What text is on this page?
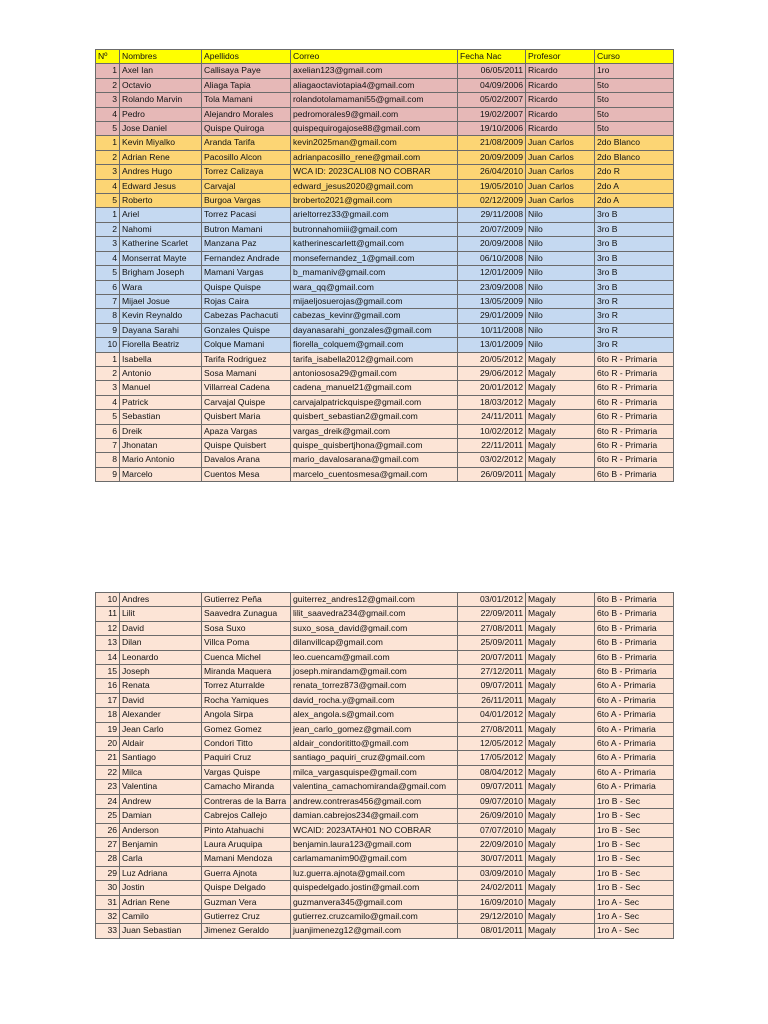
Nº	Nombres	Apellidos	Correo	Fecha Nac	Profesor	Curso
1	Axel Ian	Callisaya Paye	axelian123@gmail.com	06/05/2011	Ricardo	1ro
2	Octavio	Aliaga Tapia	aliagaoctaviotapia4@gmail.com	04/09/2006	Ricardo	5to
3	Rolando Marvin	Tola Mamani	rolandotolamamani55@gmail.com	05/02/2007	Ricardo	5to
4	Pedro	Alejandro Morales	pedromorales9@gmail.com	19/02/2007	Ricardo	5to
5	Jose Daniel	Quispe Quiroga	quispequirogajose88@gmail.com	19/10/2006	Ricardo	5to
1	Kevin Miyalko	Aranda Tarifa	kevin2025man@gmail.com	21/08/2009	Juan Carlos	2do Blanco
2	Adrian Rene	Pacosillo Alcon	adrianpacosillo_rene@gmail.com	20/09/2009	Juan Carlos	2do Blanco
3	Andres Hugo	Torrez Calizaya	WCA ID: 2023CALI08 NO COBRAR	26/04/2010	Juan Carlos	2do R
4	Edward Jesus	Carvajal	edward_jesus2020@gmail.com	19/05/2010	Juan Carlos	2do A
5	Roberto	Burgoa Vargas	broberto2021@gmail.com	02/12/2009	Juan Carlos	2do A
1	Ariel	Torrez Pacasi	arieltorrez33@gmail.com	29/11/2008	Nilo	3ro B
2	Nahomi	Butron Mamani	butronnahomiii@gmail.com	20/07/2009	Nilo	3ro B
3	Katherine Scarlet	Manzana Paz	katherinescarlett@gmail.com	20/09/2008	Nilo	3ro B
4	Monserrat Mayte	Fernandez Andrade	monsefernandez_1@gmail.com	06/10/2008	Nilo	3ro B
5	Brigham Joseph	Mamani Vargas	b_mamaniv@gmail.com	12/01/2009	Nilo	3ro B
6	Wara	Quispe Quispe	wara_qq@gmail.com	23/09/2008	Nilo	3ro B
7	Mijael Josue	Rojas Caira	mijaeljosuerojas@gmail.com	13/05/2009	Nilo	3ro R
8	Kevin Reynaldo	Cabezas Pachacuti	cabezas_kevinr@gmail.com	29/01/2009	Nilo	3ro R
9	Dayana Sarahi	Gonzales Quispe	dayanasarahi_gonzales@gmail.com	10/11/2008	Nilo	3ro R
10	Fiorella Beatriz	Colque Mamani	fiorella_colquem@gmail.com	13/01/2009	Nilo	3ro R
1	Isabella	Tarifa Rodriguez	tarifa_isabella2012@gmail.com	20/05/2012	Magaly	6to R - Primaria
2	Antonio	Sosa Mamani	antoniososa29@gmail.com	29/06/2012	Magaly	6to R - Primaria
3	Manuel	Villarreal Cadena	cadena_manuel21@gmail.com	20/01/2012	Magaly	6to R - Primaria
4	Patrick	Carvajal Quispe	carvajalpatrickquispe@gmail.com	18/03/2012	Magaly	6to R - Primaria
5	Sebastian	Quisbert Maria	quisbert_sebastian2@gmail.com	24/11/2011	Magaly	6to R - Primaria
6	Dreik	Apaza Vargas	vargas_dreik@gmail.com	10/02/2012	Magaly	6to R - Primaria
7	Jhonatan	Quispe Quisbert	quispe_quisbertjhona@gmail.com	22/11/2011	Magaly	6to R - Primaria
8	Mario Antonio	Davalos Arana	mario_davalosarana@gmail.com	03/02/2012	Magaly	6to R - Primaria
9	Marcelo	Cuentos Mesa	marcelo_cuentosmesa@gmail.com	26/09/2011	Magaly	6to B - Primaria
10	Andres	Gutierrez Peña	guiterrez_andres12@gmail.com	03/01/2012	Magaly	6to B - Primaria
11	Lilit	Saavedra Zunagua	lilit_saavedra234@gmail.com	22/09/2011	Magaly	6to B - Primaria
12	David	Sosa Suxo	suxo_sosa_david@gmail.com	27/08/2011	Magaly	6to B - Primaria
13	Dilan	Villca Poma	dilanvillcap@gmail.com	25/09/2011	Magaly	6to B - Primaria
14	Leonardo	Cuenca Michel	leo.cuencam@gmail.com	20/07/2011	Magaly	6to B - Primaria
15	Joseph	Miranda Maquera	joseph.mirandam@gmail.com	27/12/2011	Magaly	6to B - Primaria
16	Renata	Torrez Aturralde	renata_torrez873@gmail.com	09/07/2011	Magaly	6to A - Primaria
17	David	Rocha Yamiques	david_rocha.y@gmail.com	26/11/2011	Magaly	6to A - Primaria
18	Alexander	Angola Sirpa	alex_angola.s@gmail.com	04/01/2012	Magaly	6to A - Primaria
19	Jean Carlo	Gomez Gomez	jean_carlo_gomez@gmail.com	27/08/2011	Magaly	6to A - Primaria
20	Aldair	Condori Titto	aldair_condorititto@gmail.com	12/05/2012	Magaly	6to A - Primaria
21	Santiago	Paquiri Cruz	santiago_paquiri_cruz@gmail.com	17/05/2012	Magaly	6to A - Primaria
22	Milca	Vargas Quispe	milca_vargasquispe@gmail.com	08/04/2012	Magaly	6to A - Primaria
23	Valentina	Camacho Miranda	valentina_camachomiranda@gmail.com	09/07/2011	Magaly	6to A - Primaria
24	Andrew	Contreras de la Barra	andrew.contreras456@gmail.com	09/07/2010	Magaly	1ro B - Sec
25	Damian	Cabrejos Callejo	damian.cabrejos234@gmail.com	26/09/2010	Magaly	1ro B - Sec
26	Anderson	Pinto Atahuachi	WCAID: 2023ATAH01 NO COBRAR	07/07/2010	Magaly	1ro B - Sec
27	Benjamin	Laura Aruquipa	benjamin.laura123@gmail.com	22/09/2010	Magaly	1ro B - Sec
28	Carla	Mamani Mendoza	carlamamanim90@gmail.com	30/07/2011	Magaly	1ro B - Sec
29	Luz Adriana	Guerra Ajnota	luz.guerra.ajnota@gmail.com	03/09/2010	Magaly	1ro B - Sec
30	Jostin	Quispe Delgado	quispedelgado.jostin@gmail.com	24/02/2011	Magaly	1ro B - Sec
31	Adrian Rene	Guzman Vera	guzmanvera345@gmail.com	16/09/2010	Magaly	1ro A - Sec
32	Camilo	Gutierrez Cruz	gutierrez.cruzcamilo@gmail.com	29/12/2010	Magaly	1ro A - Sec
33	Juan Sebastian	Jimenez Geraldo	juanjimenezg12@gmail.com	08/01/2011	Magaly	1ro A - Sec
